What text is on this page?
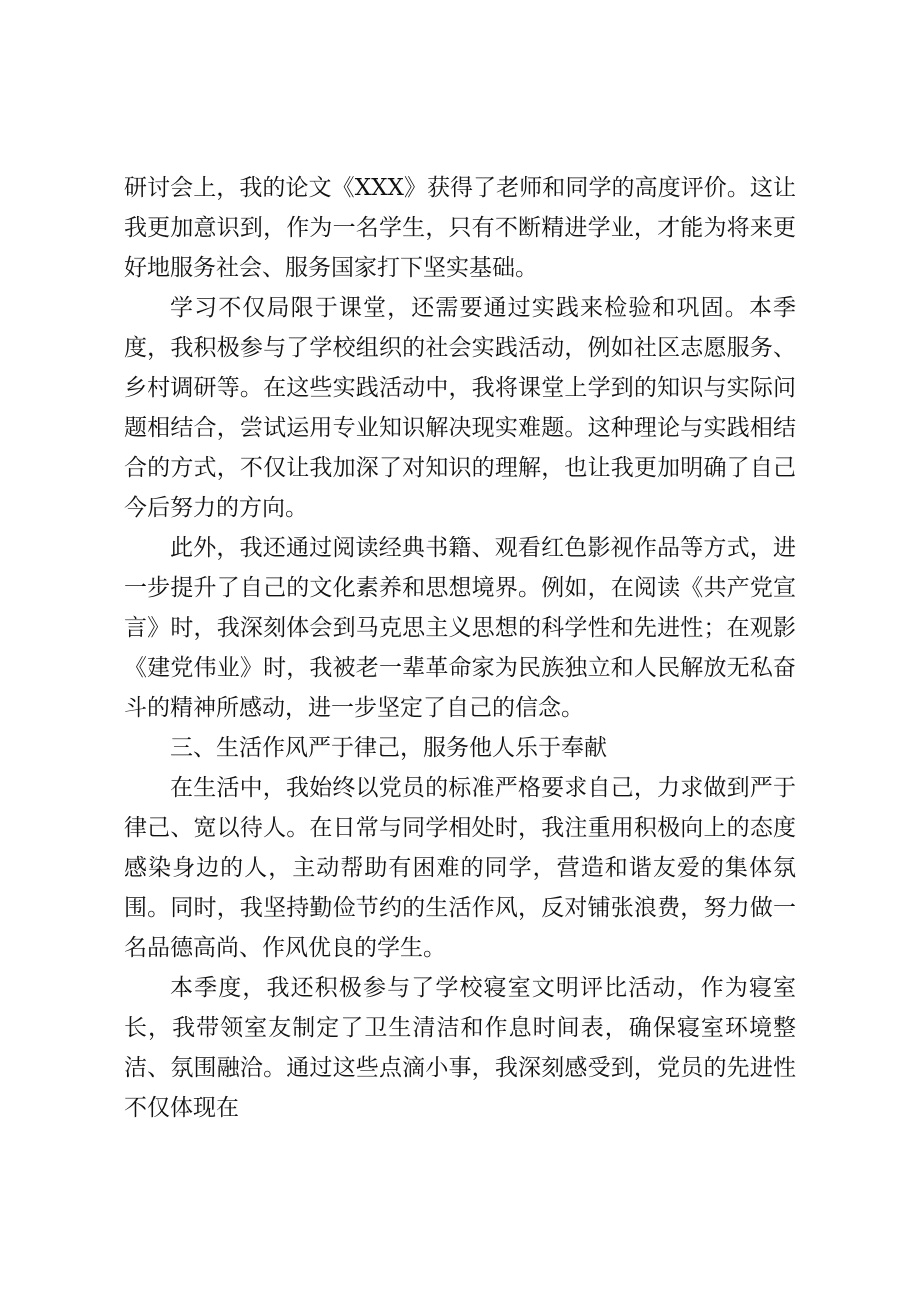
研讨会上，我的论文《XXX》获得了老师和同学的高度评价。这让我更加意识到，作为一名学生，只有不断精进学业，才能为将来更好地服务社会、服务国家打下坚实基础。

学习不仅局限于课堂，还需要通过实践来检验和巩固。本季度，我积极参与了学校组织的社会实践活动，例如社区志愿服务、乡村调研等。在这些实践活动中，我将课堂上学到的知识与实际问题相结合，尝试运用专业知识解决现实难题。这种理论与实践相结合的方式，不仅让我加深了对知识的理解，也让我更加明确了自己今后努力的方向。

此外，我还通过阅读经典书籍、观看红色影视作品等方式，进一步提升了自己的文化素养和思想境界。例如，在阅读《共产党宣言》时，我深刻体会到马克思主义思想的科学性和先进性；在观影《建党伟业》时，我被老一辈革命家为民族独立和人民解放无私奋斗的精神所感动，进一步坚定了自己的信念。

三、生活作风严于律己，服务他人乐于奉献

在生活中，我始终以党员的标准严格要求自己，力求做到严于律己、宽以待人。在日常与同学相处时，我注重用积极向上的态度感染身边的人，主动帮助有困难的同学，营造和谐友爱的集体氛围。同时，我坚持勤俭节约的生活作风，反对铺张浪费，努力做一名品德高尚、作风优良的学生。

本季度，我还积极参与了学校寝室文明评比活动，作为寝室长，我带领室友制定了卫生清洁和作息时间表，确保寝室环境整洁、氛围融洽。通过这些点滴小事，我深刻感受到，党员的先进性不仅体现在
